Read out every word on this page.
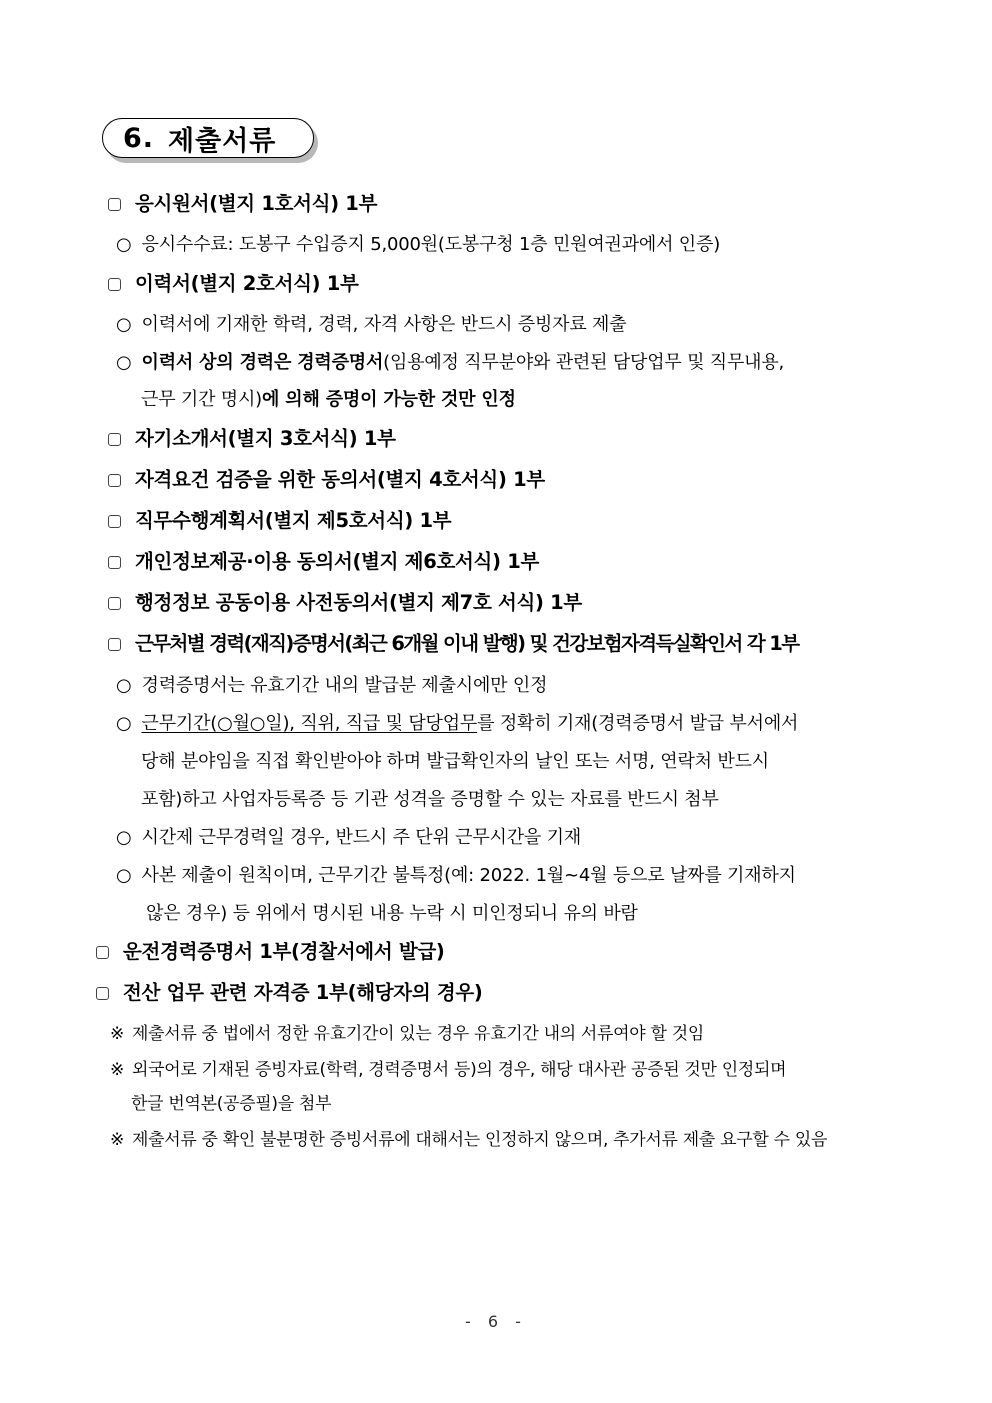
6. 제출서류
응시원서(별지 1호서식) 1부
○ 응시수수료: 도봉구 수입증지 5,000원(도봉구청 1층 민원여권과에서 인증)
이력서(별지 2호서식) 1부
○ 이력서에 기재한 학력, 경력, 자격 사항은 반드시 증빙자료 제출
○ 이력서 상의 경력은 경력증명서(임용예정 직무분야와 관련된 담당업무 및 직무내용,
근무 기간 명시)에 의해 증명이 가능한 것만 인정
자기소개서(별지 3호서식) 1부
자격요건 검증을 위한 동의서(별지 4호서식) 1부
직무수행계획서(별지 제5호서식) 1부
개인정보제공·이용 동의서(별지 제6호서식) 1부
행정정보 공동이용 사전동의서(별지 제7호 서식) 1부
근무처별 경력(재직)증명서(최근 6개월 이내 발행) 및 건강보험자격득실확인서 각 1부
○ 경력증명서는 유효기간 내의 발급분 제출시에만 인정
○ 근무기간(○월○일), 직위, 직급 및 담당업무를 정확히 기재(경력증명서 발급 부서에서
당해 분야임을 직접 확인받아야 하며 발급확인자의 날인 또는 서명, 연락처 반드시
포함)하고 사업자등록증 등 기관 성격을 증명할 수 있는 자료를 반드시 첨부
○ 시간제 근무경력일 경우, 반드시 주 단위 근무시간을 기재
○ 사본 제출이 원칙이며, 근무기간 불특정(예: 2022. 1월~4월 등으로 날짜를 기재하지
않은 경우) 등 위에서 명시된 내용 누락 시 미인정되니 유의 바람
운전경력증명서 1부(경찰서에서 발급)
전산 업무 관련 자격증 1부(해당자의 경우)
※ 제출서류 중 법에서 정한 유효기간이 있는 경우 유효기간 내의 서류여야 할 것임
※ 외국어로 기재된 증빙자료(학력, 경력증명서 등)의 경우, 해당 대사관 공증된 것만 인정되며
한글 번역본(공증필)을 첨부
※ 제출서류 중 확인 불분명한 증빙서류에 대해서는 인정하지 않으며, 추가서류 제출 요구할 수 있음
- 6 -
